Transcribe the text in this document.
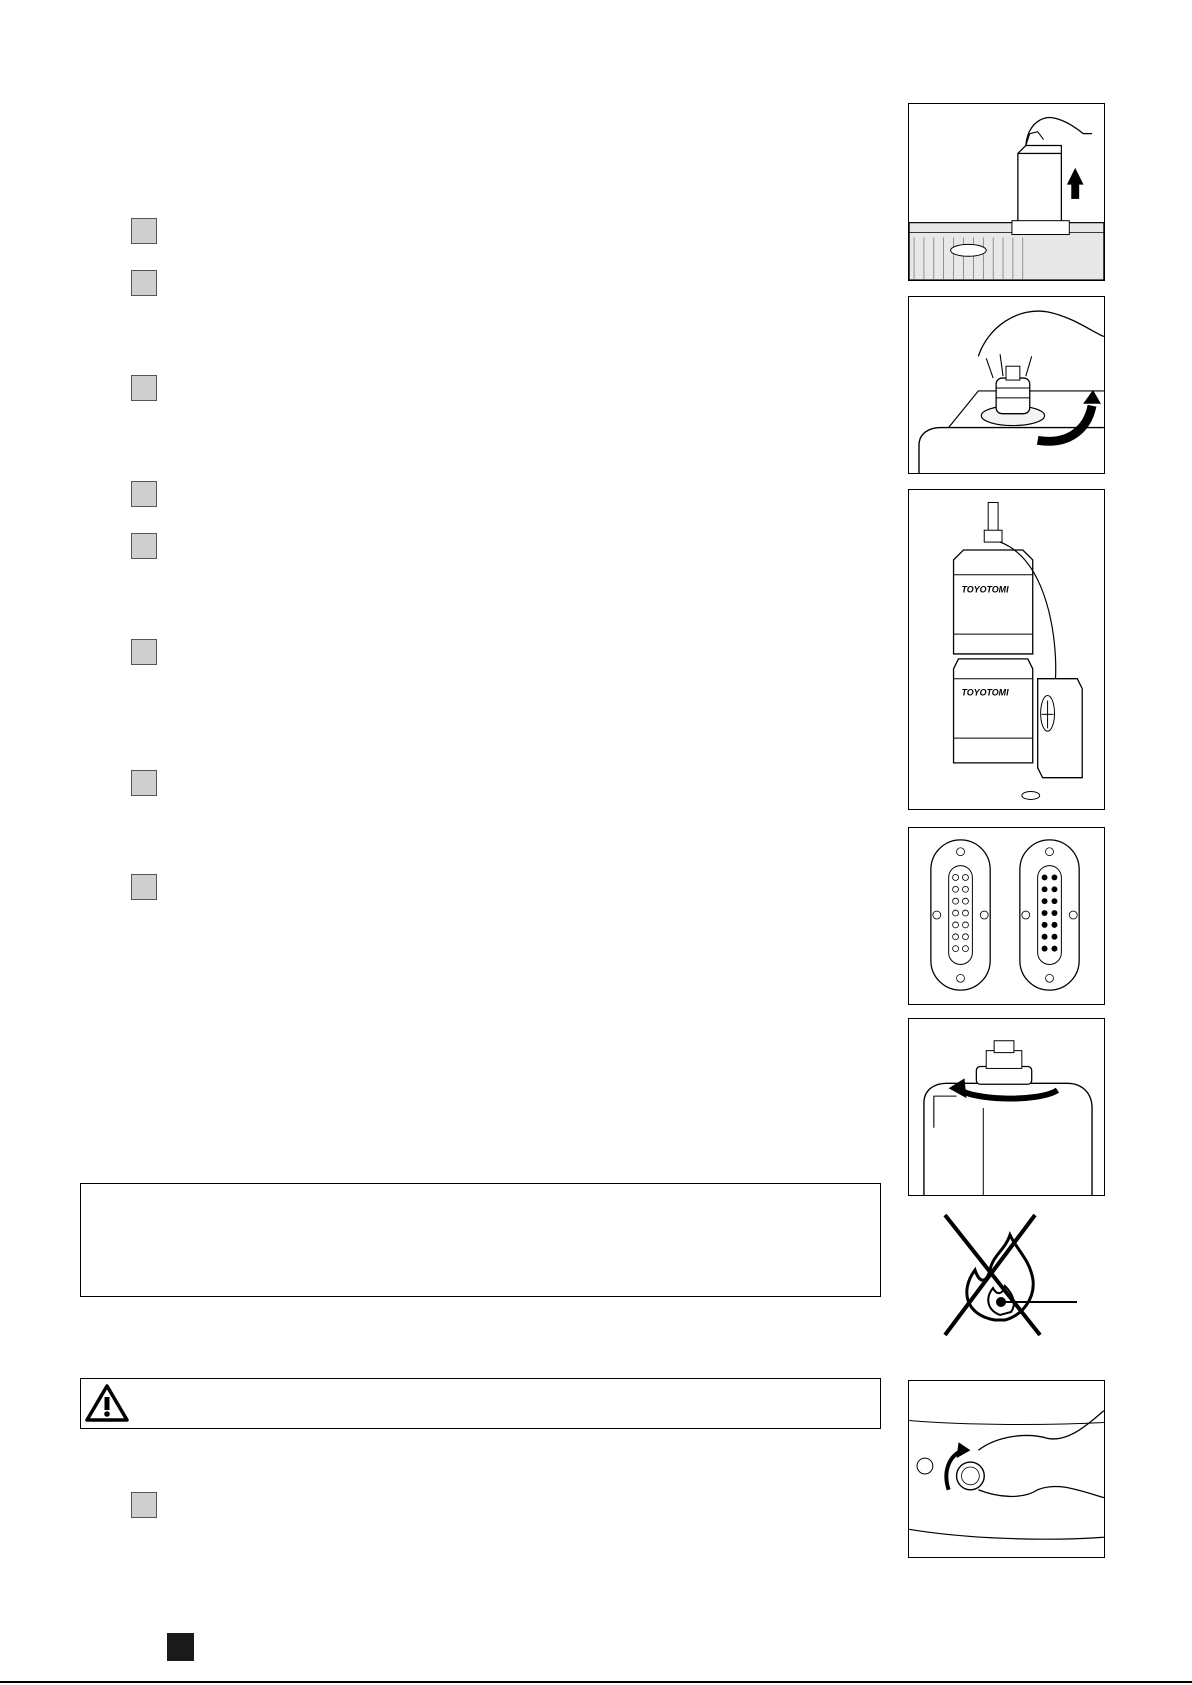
TOYOTOMI
TOYOTOMI
